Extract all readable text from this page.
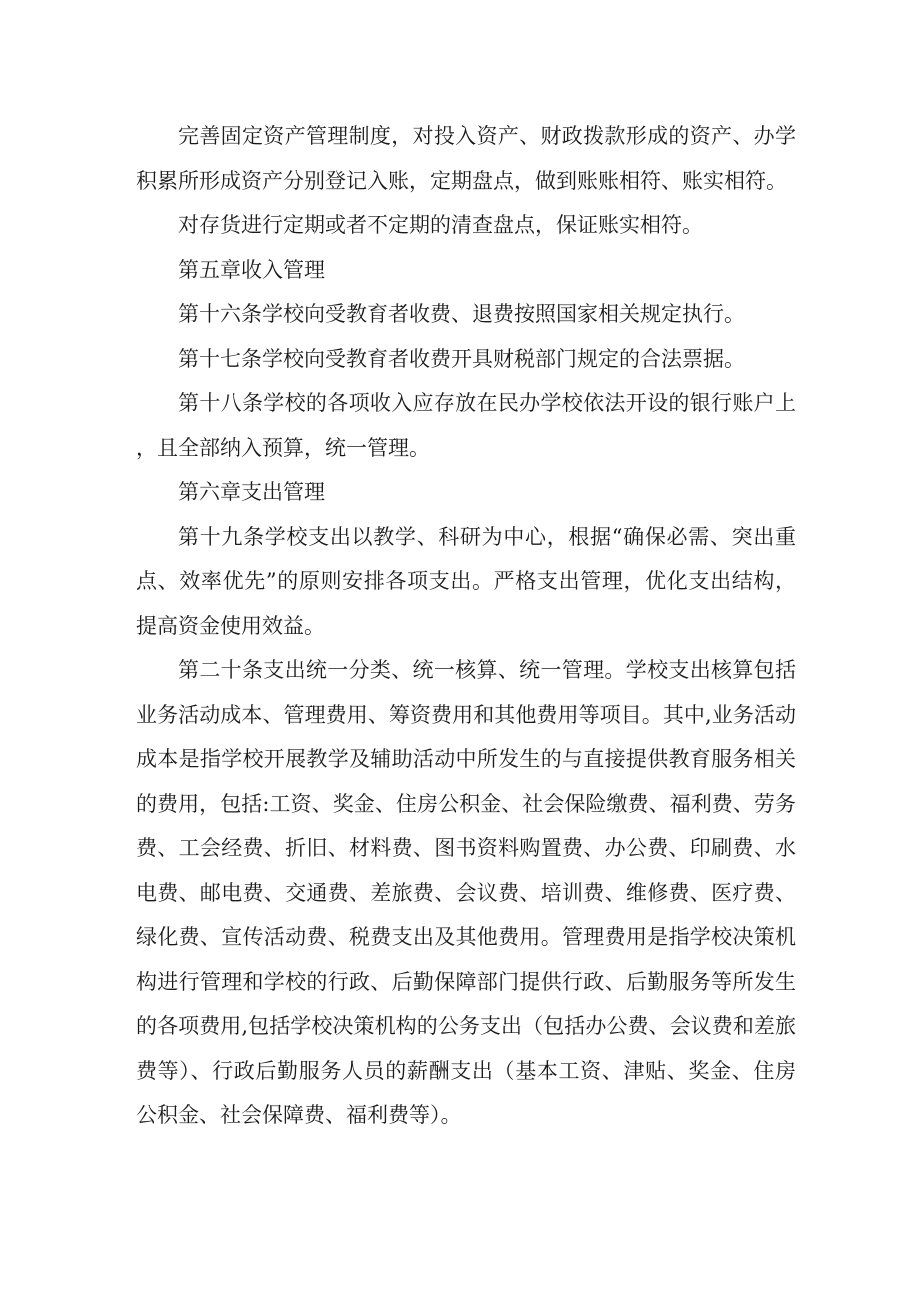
完善固定资产管理制度，对投入资产、财政拨款形成的资产、办学积累所形成资产分别登记入账，定期盘点，做到账账相符、账实相符。

对存货进行定期或者不定期的清查盘点，保证账实相符。

第五章收入管理

第十六条学校向受教育者收费、退费按照国家相关规定执行。

第十七条学校向受教育者收费开具财税部门规定的合法票据。

第十八条学校的各项收入应存放在民办学校依法开设的银行账户上，且全部纳入预算，统一管理。

第六章支出管理

第十九条学校支出以教学、科研为中心，根据“确保必需、突出重点、效率优先”的原则安排各项支出。严格支出管理，优化支出结构，提高资金使用效益。

第二十条支出统一分类、统一核算、统一管理。学校支出核算包括业务活动成本、管理费用、筹资费用和其他费用等项目。其中,业务活动成本是指学校开展教学及辅助活动中所发生的与直接提供教育服务相关的费用，包括:工资、奖金、住房公积金、社会保险缴费、福利费、劳务费、工会经费、折旧、材料费、图书资料购置费、办公费、印刷费、水电费、邮电费、交通费、差旅费、会议费、培训费、维修费、医疗费、绿化费、宣传活动费、税费支出及其他费用。管理费用是指学校决策机构进行管理和学校的行政、后勤保障部门提供行政、后勤服务等所发生的各项费用,包括学校决策机构的公务支出（包括办公费、会议费和差旅费等）、行政后勤服务人员的薪酬支出（基本工资、津贴、奖金、住房公积金、社会保障费、福利费等）。
